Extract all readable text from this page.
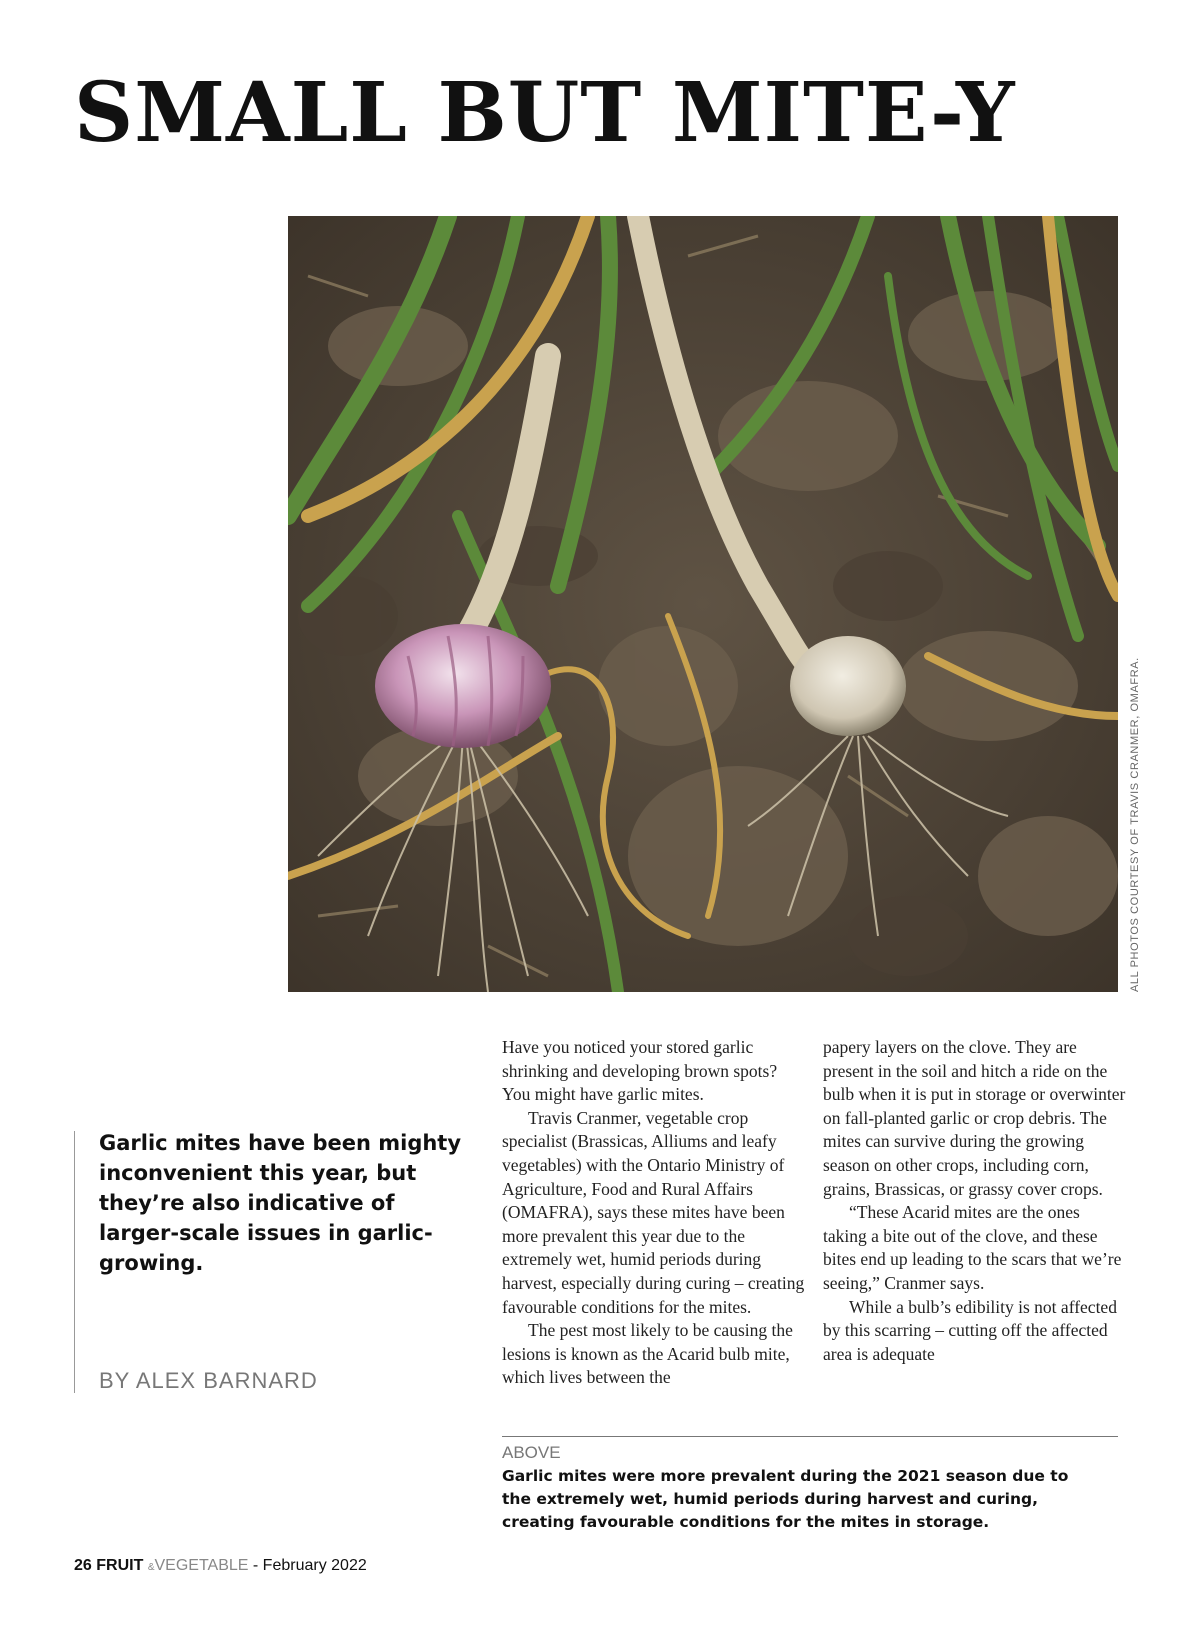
SMALL BUT MITE-Y
ALL PHOTOS COURTESY OF TRAVIS CRANMER, OMAFRA.
Garlic mites have been mighty inconvenient this year, but they’re also indicative of larger-scale issues in garlic-growing.
BY ALEX BARNARD

Have you noticed your stored garlic shrinking and developing brown spots? You might have garlic mites.

Travis Cranmer, vegetable crop specialist (Brassicas, Alliums and leafy vegetables) with the Ontario Ministry of Agriculture, Food and Rural Affairs (OMAFRA), says these mites have been more prevalent this year due to the extremely wet, humid periods during harvest, especially during curing – creating favourable conditions for the mites.

The pest most likely to be causing the lesions is known as the Acarid bulb mite, which lives between the

papery layers on the clove. They are present in the soil and hitch a ride on the bulb when it is put in storage or overwinter on fall-planted garlic or crop debris. The mites can survive during the growing season on other crops, including corn, grains, Brassicas, or grassy cover crops.

“These Acarid mites are the ones taking a bite out of the clove, and these bites end up leading to the scars that we’re seeing,” Cranmer says.

While a bulb’s edibility is not affected by this scarring – cutting off the affected area is adequate

ABOVE
Garlic mites were more prevalent during the 2021 season due to the extremely wet, humid periods during harvest and curing, creating favourable conditions for the mites in storage.
26 FRUIT &VEGETABLE - February 2022
